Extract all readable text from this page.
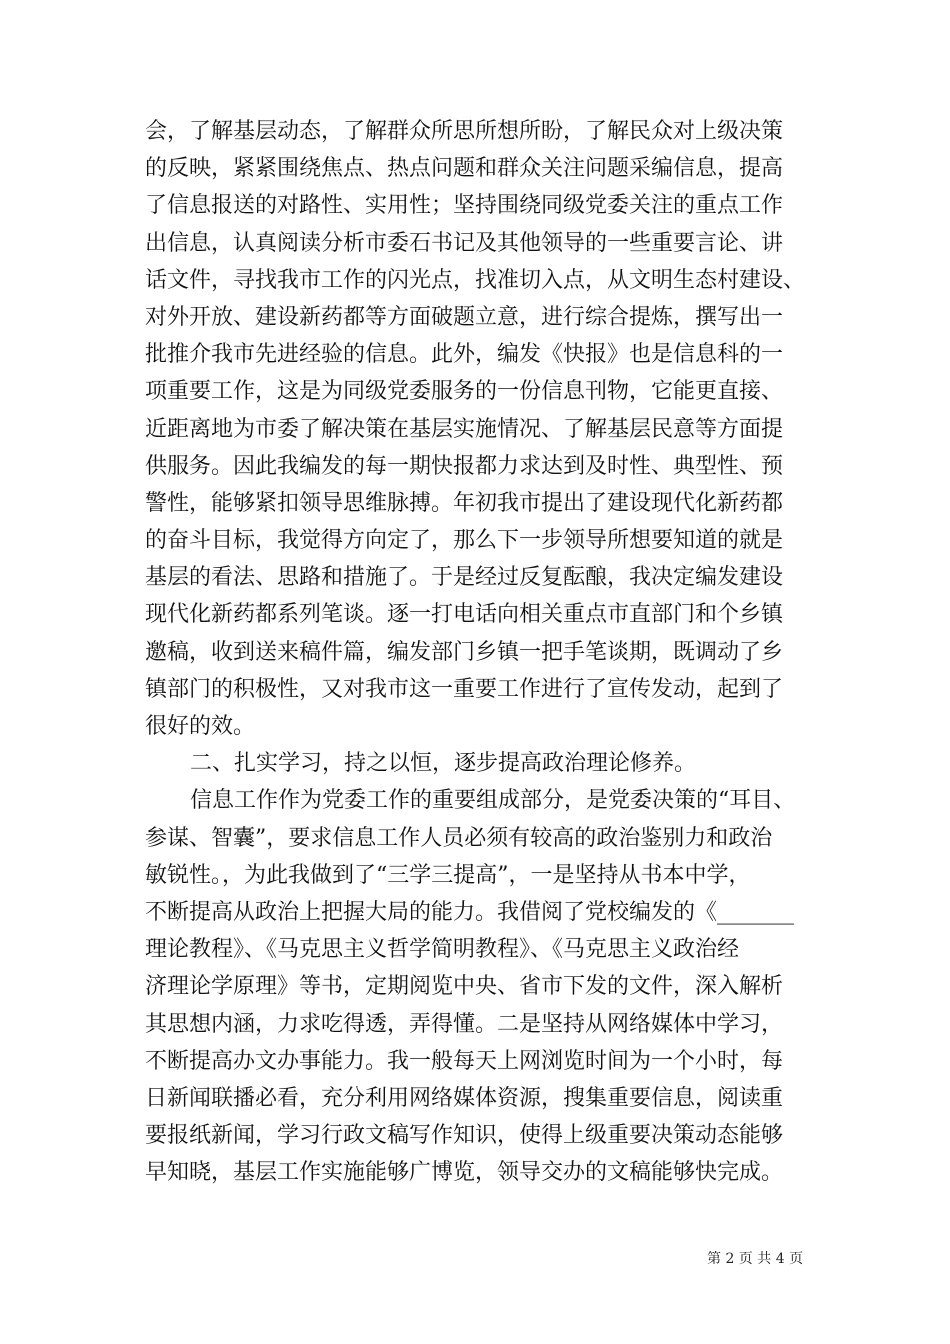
会，了解基层动态，了解群众所思所想所盼，了解民众对上级决策
的反映，紧紧围绕焦点、热点问题和群众关注问题采编信息，提高
了信息报送的对路性、实用性；坚持围绕同级党委关注的重点工作
出信息，认真阅读分析市委石书记及其他领导的一些重要言论、讲
话文件，寻找我市工作的闪光点，找准切入点，从文明生态村建设、
对外开放、建设新药都等方面破题立意，进行综合提炼，撰写出一
批推介我市先进经验的信息。此外，编发《快报》也是信息科的一
项重要工作，这是为同级党委服务的一份信息刊物，它能更直接、
近距离地为市委了解决策在基层实施情况、了解基层民意等方面提
供服务。因此我编发的每一期快报都力求达到及时性、典型性、预
警性，能够紧扣领导思维脉搏。年初我市提出了建设现代化新药都
的奋斗目标，我觉得方向定了，那么下一步领导所想要知道的就是
基层的看法、思路和措施了。于是经过反复酝酿，我决定编发建设
现代化新药都系列笔谈。逐一打电话向相关重点市直部门和个乡镇
邀稿，收到送来稿件篇，编发部门乡镇一把手笔谈期，既调动了乡
镇部门的积极性，又对我市这一重要工作进行了宣传发动，起到了
很好的效。
二、扎实学习，持之以恒，逐步提高政治理论修养。
信息工作作为党委工作的重要组成部分，是党委决策的“耳目、
参谋、智囊”，要求信息工作人员必须有较高的政治鉴别力和政治
敏锐性。，为此我做到了“三学三提高”，一是坚持从书本中学，
不断提高从政治上把握大局的能力。我借阅了党校编发的《_______
理论教程》、《马克思主义哲学简明教程》、《马克思主义政治经
济理论学原理》等书，定期阅览中央、省市下发的文件，深入解析
其思想内涵，力求吃得透，弄得懂。二是坚持从网络媒体中学习，
不断提高办文办事能力。我一般每天上网浏览时间为一个小时，每
日新闻联播必看，充分利用网络媒体资源，搜集重要信息，阅读重
要报纸新闻，学习行政文稿写作知识，使得上级重要决策动态能够
早知晓，基层工作实施能够广博览，领导交办的文稿能够快完成。
第 2 页 共 4 页
